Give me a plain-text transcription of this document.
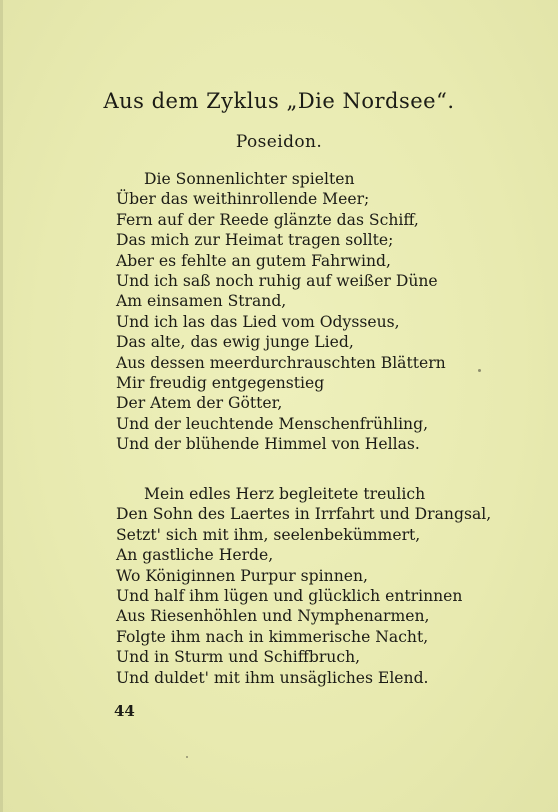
Aus dem Zyklus „Die Nordsee“.
Poseidon.
Die Sonnenlichter spielten
Über das weithinrollende Meer;
Fern auf der Reede glänzte das Schiff,
Das mich zur Heimat tragen sollte;
Aber es fehlte an gutem Fahrwind,
Und ich saß noch ruhig auf weißer Düne
Am einsamen Strand,
Und ich las das Lied vom Odysseus,
Das alte, das ewig junge Lied,
Aus dessen meerdurchrauschten Blättern
Mir freudig entgegenstieg
Der Atem der Götter,
Und der leuchtende Menschenfrühling,
Und der blühende Himmel von Hellas.
Mein edles Herz begleitete treulich
Den Sohn des Laertes in Irrfahrt und Drangsal,
Setzt' sich mit ihm, seelenbekümmert,
An gastliche Herde,
Wo Königinnen Purpur spinnen,
Und half ihm lügen und glücklich entrinnen
Aus Riesenhöhlen und Nymphenarmen,
Folgte ihm nach in kimmerische Nacht,
Und in Sturm und Schiffbruch,
Und duldet' mit ihm unsägliches Elend.
44
